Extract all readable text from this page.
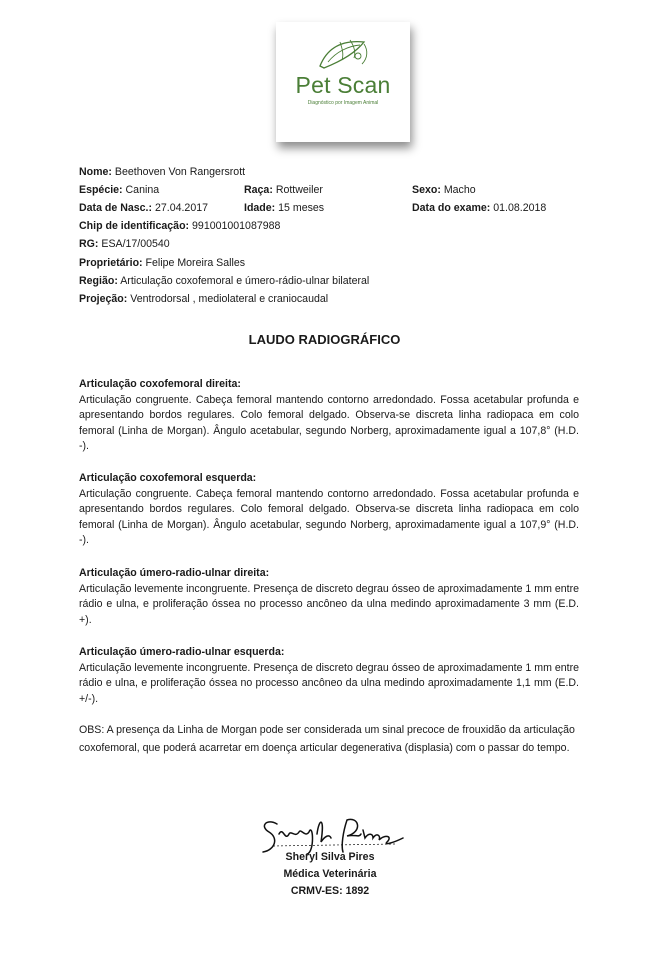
Pet Scan
Diagnóstico por Imagem Animal
Nome: Beethoven Von Rangersrott
Espécie: Canina	Raça: Rottweiler	Sexo: Macho
Data de Nasc.: 27.04.2017	Idade: 15 meses	Data do exame: 01.08.2018
Chip de identificação: 991001001087988
RG: ESA/17/00540
Proprietário: Felipe Moreira Salles
Região: Articulação coxofemoral e úmero-rádio-ulnar bilateral
Projeção: Ventrodorsal , mediolateral e craniocaudal
LAUDO RADIOGRÁFICO
Articulação coxofemoral direita:
Articulação congruente. Cabeça femoral mantendo contorno arredondado. Fossa acetabular profunda e apresentando bordos regulares. Colo femoral delgado. Observa-se discreta linha radiopaca em colo femoral (Linha de Morgan). Ângulo acetabular, segundo Norberg, aproximadamente igual a 107,8° (H.D. -).
Articulação coxofemoral esquerda:
Articulação congruente. Cabeça femoral mantendo contorno arredondado. Fossa acetabular profunda e apresentando bordos regulares. Colo femoral delgado. Observa-se discreta linha radiopaca em colo femoral (Linha de Morgan). Ângulo acetabular, segundo Norberg, aproximadamente igual a 107,9° (H.D. -).
Articulação úmero-radio-ulnar direita:
Articulação levemente incongruente. Presença de discreto degrau ósseo de aproximadamente 1 mm entre rádio e ulna, e proliferação óssea no processo ancôneo da ulna medindo aproximadamente 3 mm (E.D. +).
Articulação úmero-radio-ulnar esquerda:
Articulação levemente incongruente. Presença de discreto degrau ósseo de aproximadamente 1 mm entre rádio e ulna, e proliferação óssea no processo ancôneo da ulna medindo aproximadamente 1,1 mm (E.D. +/-).
OBS: A presença da Linha de Morgan pode ser considerada um sinal precoce de frouxidão da articulação coxofemoral, que poderá acarretar em doença articular degenerativa (displasia) com o passar do tempo.
Sheryl Silva Pires
Médica Veterinária
CRMV-ES: 1892
